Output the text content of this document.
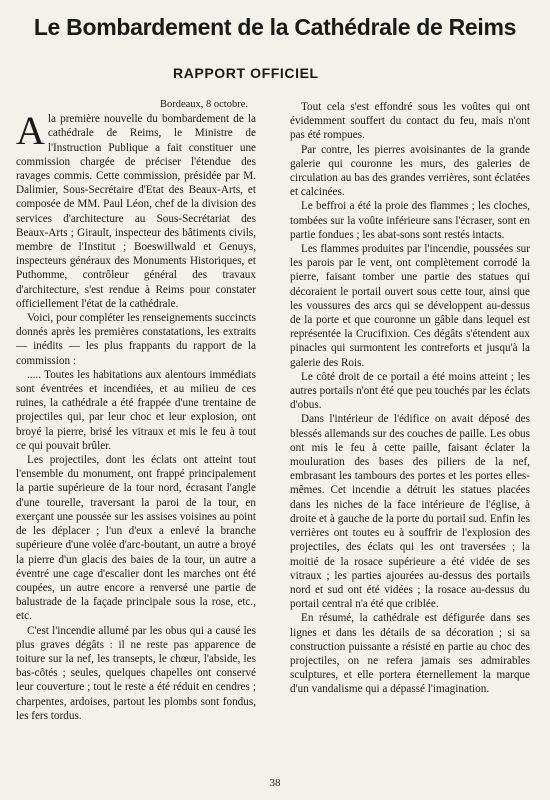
Le Bombardement de la Cathédrale de Reims
RAPPORT OFFICIEL

Bordeaux, 8 octobre.

Ala première nouvelle du bombardement de la cathédrale de Reims, le Ministre de l'Instruction Publique a fait constituer une commission chargée de préciser l'étendue des ravages commis. Cette commission, présidée par M. Dalimier, Sous-Secrétaire d'Etat des Beaux-Arts, et composée de MM. Paul Léon, chef de la division des services d'architecture au Sous-Secrétariat des Beaux-Arts ; Girault, inspecteur des bâtiments civils, membre de l'Institut ; Boeswillwald et Genuys, inspecteurs généraux des Monuments Historiques, et Puthomme, contrôleur général des travaux d'architecture, s'est rendue à Reims pour constater officiellement l'état de la cathédrale.

Voici, pour compléter les renseignements succincts donnés après les premières constatations, les extraits — inédits — les plus frappants du rapport de la commission :

..... Toutes les habitations aux alentours immédiats sont éventrées et incendiées, et au milieu de ces ruines, la cathédrale a été frappée d'une trentaine de projectiles qui, par leur choc et leur explosion, ont broyé la pierre, brisé les vitraux et mis le feu à tout ce qui pouvait brûler.

Les projectiles, dont les éclats ont atteint tout l'ensemble du monument, ont frappé principalement la partie supérieure de la tour nord, écrasant l'angle d'une tourelle, traversant la paroi de la tour, en exerçant une poussée sur les assises voisines au point de les déplacer ; l'un d'eux a enlevé la branche supérieure d'une volée d'arc-boutant, un autre a broyé la pierre d'un glacis des baies de la tour, un autre a éventré une cage d'escalier dont les marches ont été coupées, un autre encore a renversé une partie de balustrade de la façade principale sous la rose, etc., etc.

C'est l'incendie allumé par les obus qui a causé les plus graves dégâts : il ne reste pas apparence de toiture sur la nef, les transepts, le chœur, l'abside, les bas-côtés ; seules, quelques chapelles ont conservé leur couverture ; tout le reste a été réduit en cendres ; charpentes, ardoises, partout les plombs sont fondus, les fers tordus.

Tout cela s'est effondré sous les voûtes qui ont évidemment souffert du contact du feu, mais n'ont pas été rompues.

Par contre, les pierres avoisinantes de la grande galerie qui couronne les murs, des galeries de circulation au bas des grandes verrières, sont éclatées et calcinées.

Le beffroi a été la proie des flammes ; les cloches, tombées sur la voûte inférieure sans l'écraser, sont en partie fondues ; les abat-sons sont restés intacts.

Les flammes produites par l'incendie, poussées sur les parois par le vent, ont complètement corrodé la pierre, faisant tomber une partie des statues qui décoraient le portail ouvert sous cette tour, ainsi que les voussures des arcs qui se développent au-dessus de la porte et que couronne un gâble dans lequel est représentée la Crucifixion. Ces dégâts s'étendent aux pinacles qui surmontent les contreforts et jusqu'à la galerie des Rois.

Le côté droit de ce portail a été moins atteint ; les autres portails n'ont été que peu touchés par les éclats d'obus.

Dans l'intérieur de l'édifice on avait déposé des blessés allemands sur des couches de paille. Les obus ont mis le feu à cette paille, faisant éclater la mouluration des bases des piliers de la nef, embrasant les tambours des portes et les portes elles-mêmes. Cet incendie a détruit les statues placées dans les niches de la face intérieure de l'église, à droite et à gauche de la porte du portail sud. Enfin les verrières ont toutes eu à souffrir de l'explosion des projectiles, des éclats qui les ont traversées ; la moitié de la rosace supérieure a été vidée de ses vitraux ; les parties ajourées au-dessus des portails nord et sud ont été vidées ; la rosace au-dessus du portail central n'a été que criblée.

En résumé, la cathédrale est défigurée dans ses lignes et dans les détails de sa décoration ; si sa construction puissante a résisté en partie au choc des projectiles, on ne refera jamais ses admirables sculptures, et elle portera éternellement la marque d'un vandalisme qui a dépassé l'imagination.

38
